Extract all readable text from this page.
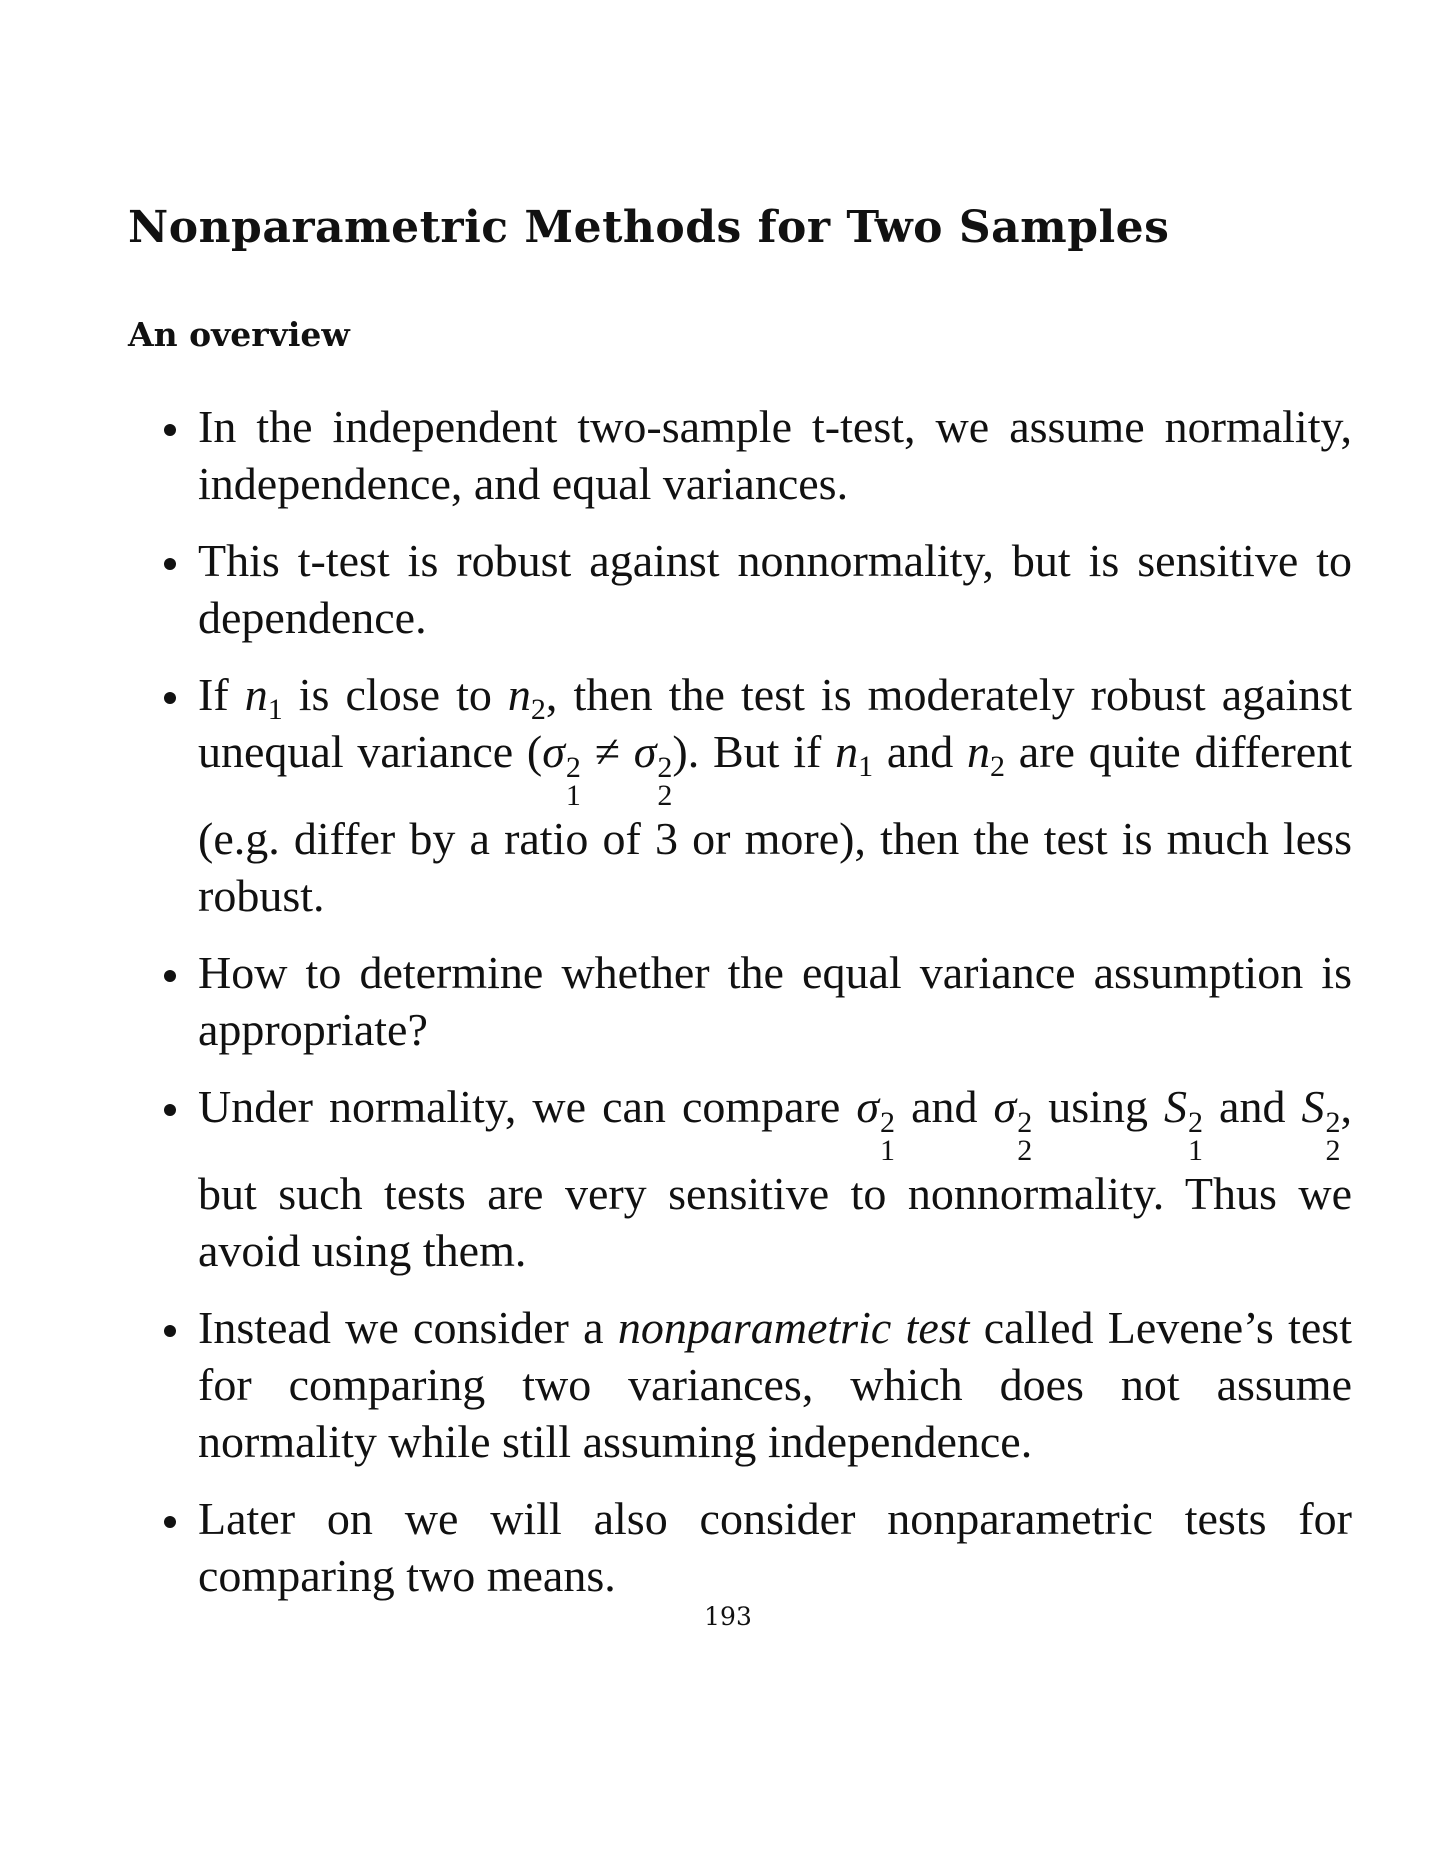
Nonparametric Methods for Two Samples
An overview
In the independent two-sample t-test, we assume normality, independence, and equal variances.
This t-test is robust against nonnormality, but is sensitive to dependence.
If $n_1$ is close to $n_2$, then the test is moderately robust against unequal variance (σ 2
1
≠ σ 2
2
). But if $n_1$ and $n_2$ are quite different (e.g. differ by a ratio of 3 or more), then the test is much less robust.
How to determine whether the equal variance assumption is appropriate?
Under normality, we can compare σ 2
1
and σ 2
2
using S 2
1
and S 2
2
, but such tests are very sensitive to nonnormality. Thus we avoid using them.
Instead we consider a nonparametric test called Levene’s test for comparing two variances, which does not assume normality while still assuming independence.
Later on we will also consider nonparametric tests for comparing two means.
193
